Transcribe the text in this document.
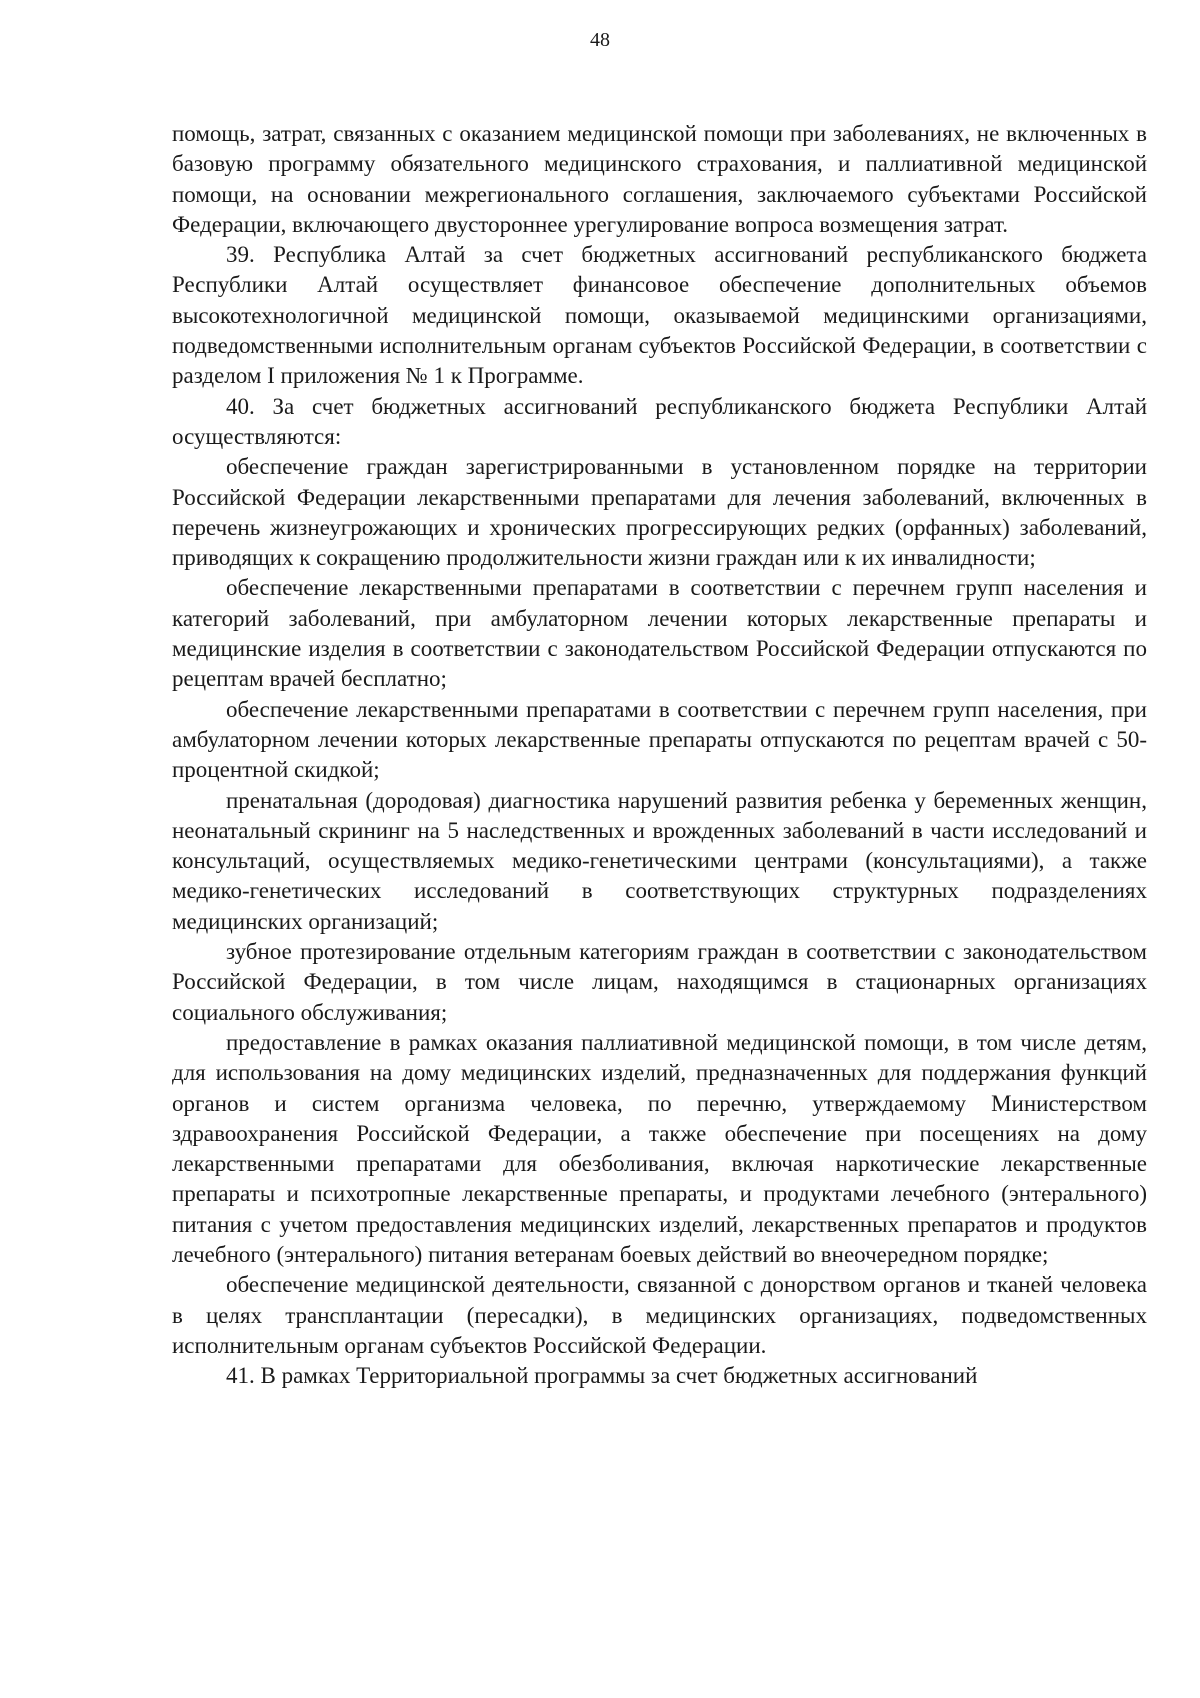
48

помощь, затрат, связанных с оказанием медицинской помощи при заболеваниях, не включенных в базовую программу обязательного медицинского страхования, и паллиативной медицинской помощи, на основании межрегионального соглашения, заключаемого субъектами Российской Федерации, включающего двустороннее урегулирование вопроса возмещения затрат.

39. Республика Алтай за счет бюджетных ассигнований республиканского бюджета Республики Алтай осуществляет финансовое обеспечение дополнительных объемов высокотехнологичной медицинской помощи, оказываемой медицинскими организациями, подведомственными исполнительным органам субъектов Российской Федерации, в соответствии с разделом I приложения № 1 к Программе.

40. За счет бюджетных ассигнований республиканского бюджета Республики Алтай осуществляются:

обеспечение граждан зарегистрированными в установленном порядке на территории Российской Федерации лекарственными препаратами для лечения заболеваний, включенных в перечень жизнеугрожающих и хронических прогрессирующих редких (орфанных) заболеваний, приводящих к сокращению продолжительности жизни граждан или к их инвалидности;

обеспечение лекарственными препаратами в соответствии с перечнем групп населения и категорий заболеваний, при амбулаторном лечении которых лекарственные препараты и медицинские изделия в соответствии с законодательством Российской Федерации отпускаются по рецептам врачей бесплатно;

обеспечение лекарственными препаратами в соответствии с перечнем групп населения, при амбулаторном лечении которых лекарственные препараты отпускаются по рецептам врачей с 50-процентной скидкой;

пренатальная (дородовая) диагностика нарушений развития ребенка у беременных женщин, неонатальный скрининг на 5 наследственных и врожденных заболеваний в части исследований и консультаций, осуществляемых медико-генетическими центрами (консультациями), а также медико-генетических исследований в соответствующих структурных подразделениях медицинских организаций;

зубное протезирование отдельным категориям граждан в соответствии с законодательством Российской Федерации, в том числе лицам, находящимся в стационарных организациях социального обслуживания;

предоставление в рамках оказания паллиативной медицинской помощи, в том числе детям, для использования на дому медицинских изделий, предназначенных для поддержания функций органов и систем организма человека, по перечню, утверждаемому Министерством здравоохранения Российской Федерации, а также обеспечение при посещениях на дому лекарственными препаратами для обезболивания, включая наркотические лекарственные препараты и психотропные лекарственные препараты, и продуктами лечебного (энтерального) питания с учетом предоставления медицинских изделий, лекарственных препаратов и продуктов лечебного (энтерального) питания ветеранам боевых действий во внеочередном порядке;

обеспечение медицинской деятельности, связанной с донорством органов и тканей человека в целях трансплантации (пересадки), в медицинских организациях, подведомственных исполнительным органам субъектов Российской Федерации.

41. В рамках Территориальной программы за счет бюджетных ассигнований
